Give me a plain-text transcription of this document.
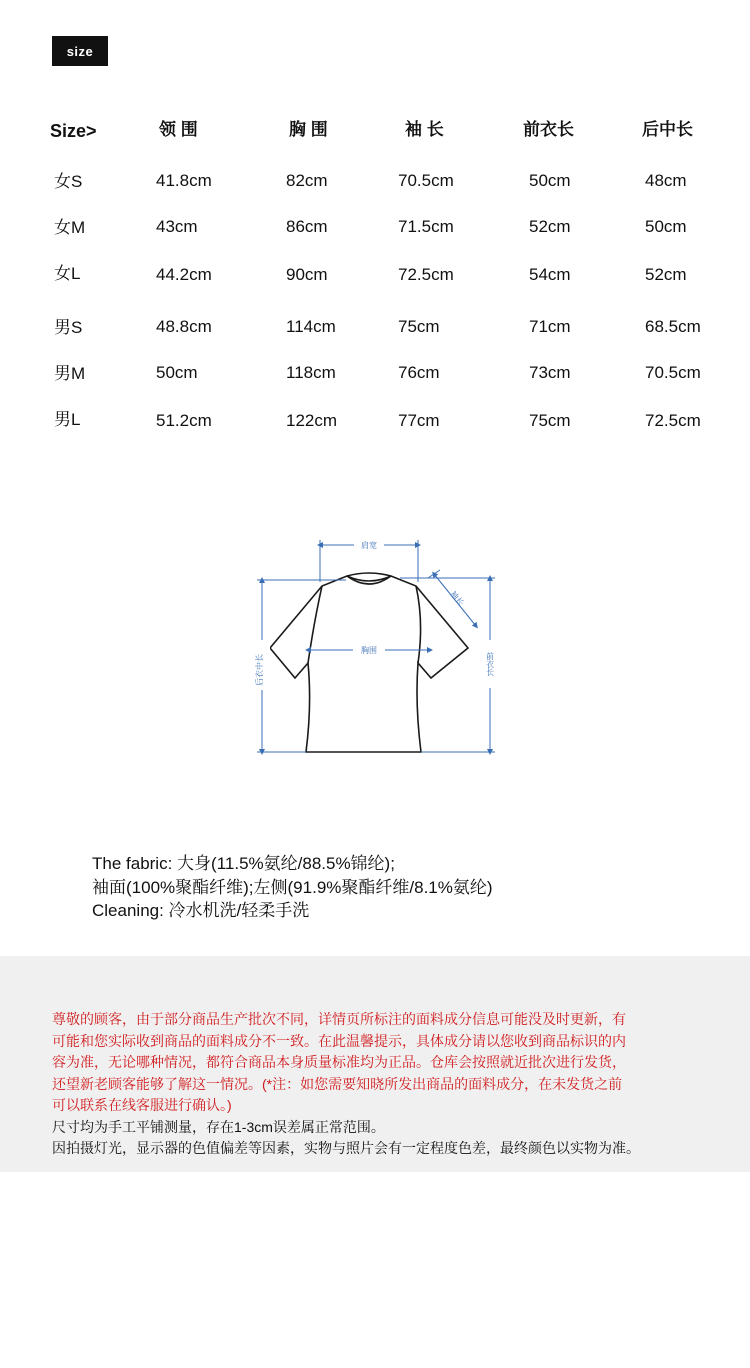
size
Size>	领 围	胸 围	袖 长	前衣长	后中长
女S	41.8cm	82cm	70.5cm	50cm	48cm
女M	43cm	86cm	71.5cm	52cm	50cm
女L	44.2cm	90cm	72.5cm	54cm	52cm
男S	48.8cm	114cm	75cm	71cm	68.5cm
男M	50cm	118cm	76cm	73cm	70.5cm
男L	51.2cm	122cm	77cm	75cm	72.5cm
肩宽
胸围
袖长
后衣中长	前衣长
The fabric: 大身(11.5%氨纶/88.5%锦纶);
袖面(100%聚酯纤维);左侧(91.9%聚酯纤维/8.1%氨纶)
Cleaning: 冷水机洗/轻柔手洗
尊敬的顾客，由于部分商品生产批次不同，详情页所标注的面料成分信息可能没及时更新，有
可能和您实际收到商品的面料成分不一致。在此温馨提示，具体成分请以您收到商品标识的内
容为准，无论哪种情况，都符合商品本身质量标准均为正品。仓库会按照就近批次进行发货，
还望新老顾客能够了解这一情况。(*注：如您需要知晓所发出商品的面料成分，在未发货之前
可以联系在线客服进行确认。)
尺寸均为手工平铺测量，存在1-3cm误差属正常范围。
因拍摄灯光，显示器的色值偏差等因素，实物与照片会有一定程度色差，最终颜色以实物为准。
